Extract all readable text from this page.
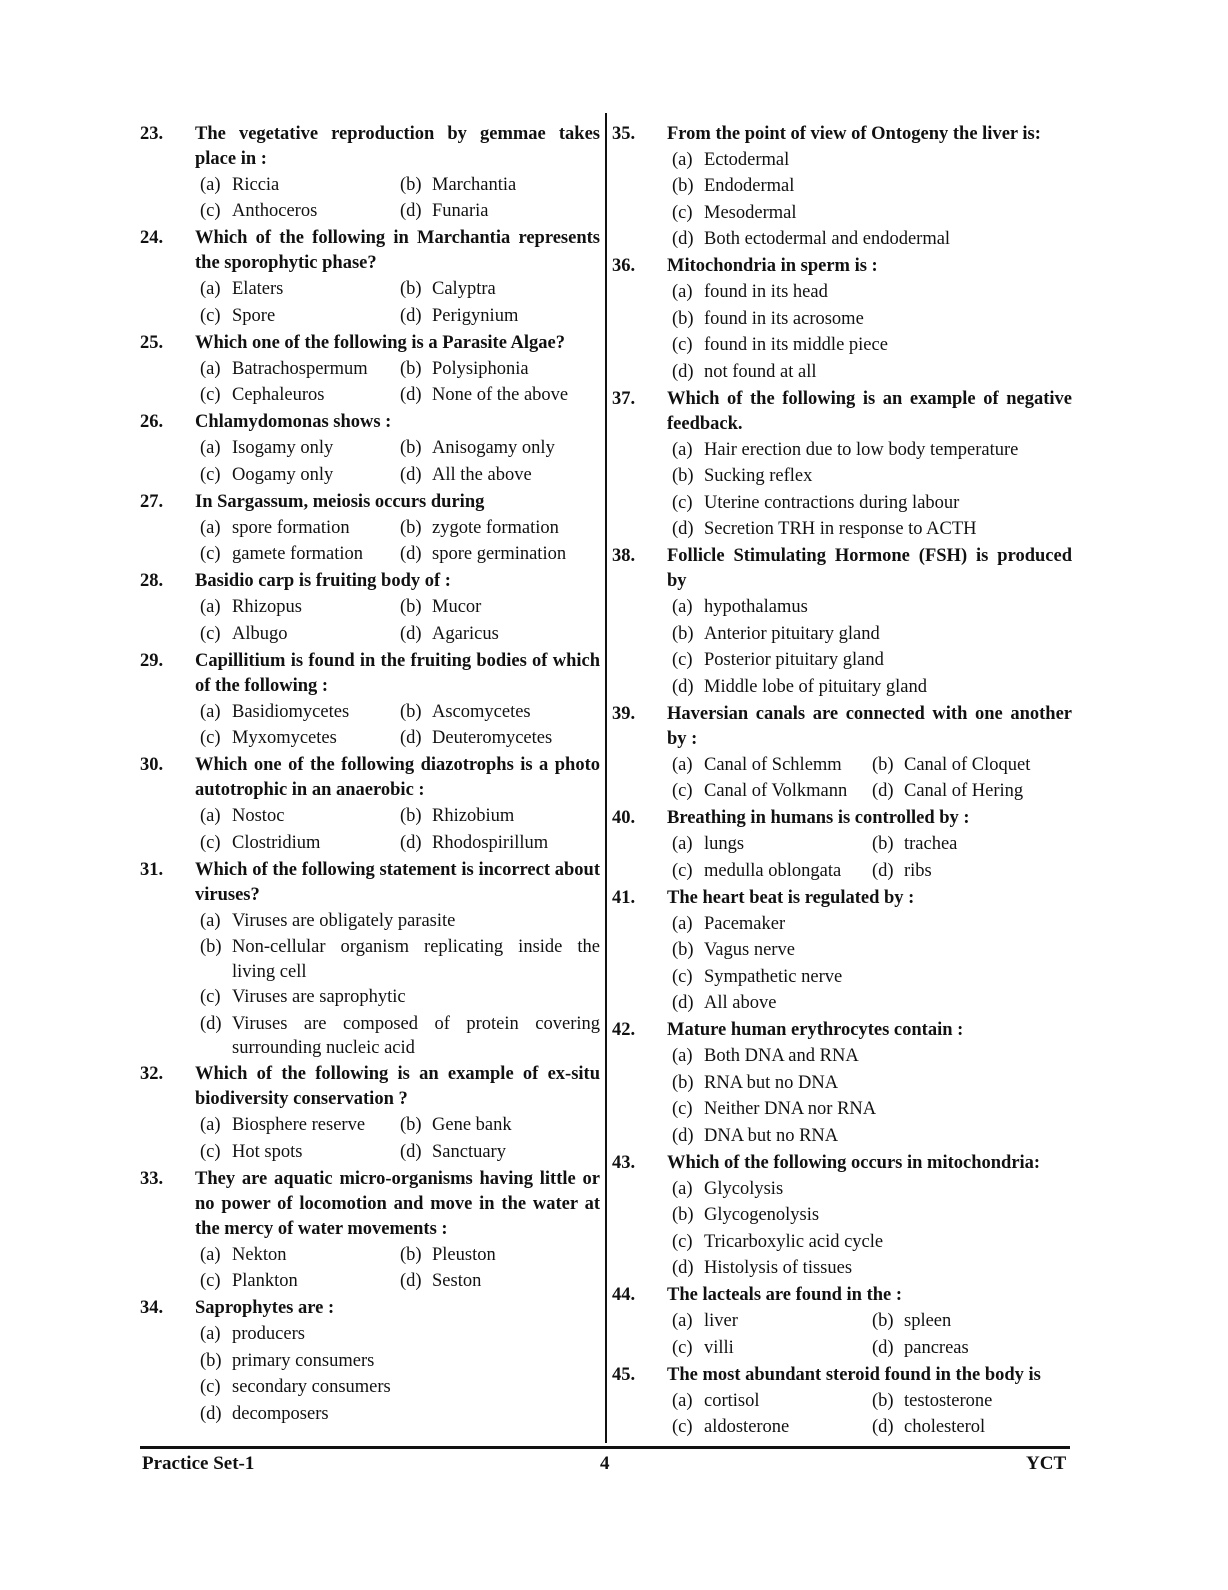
23.	The vegetative reproduction by gemmae takes place in :
(a) Riccia	(b) Marchantia
(c) Anthoceros	(d) Funaria
24.	Which of the following in Marchantia represents the sporophytic phase?
(a) Elaters	(b) Calyptra
(c) Spore	(d) Perigynium
25.	Which one of the following is a Parasite Algae?
(a) Batrachospermum	(b) Polysiphonia
(c) Cephaleuros	(d) None of the above
26.	Chlamydomonas shows :
(a) Isogamy only	(b) Anisogamy only
(c) Oogamy only	(d) All the above
27.	In Sargassum, meiosis occurs during
(a) spore formation	(b) zygote formation
(c) gamete formation	(d) spore germination
28.	Basidio carp is fruiting body of :
(a) Rhizopus	(b) Mucor
(c) Albugo	(d) Agaricus
29.	Capillitium is found in the fruiting bodies of which of the following :
(a) Basidiomycetes	(b) Ascomycetes
(c) Myxomycetes	(d) Deuteromycetes
30.	Which one of the following diazotrophs is a photo autotrophic in an anaerobic :
(a) Nostoc	(b) Rhizobium
(c) Clostridium	(d) Rhodospirillum
31.	Which of the following statement is incorrect about viruses?
(a) Viruses are obligately parasite
(b) Non-cellular organism replicating inside the living cell
(c) Viruses are saprophytic
(d) Viruses are composed of protein covering surrounding nucleic acid
32.	Which of the following is an example of ex-situ biodiversity conservation ?
(a) Biosphere reserve	(b) Gene bank
(c) Hot spots	(d) Sanctuary
33.	They are aquatic micro-organisms having little or no power of locomotion and move in the water at the mercy of water movements :
(a) Nekton	(b) Pleuston
(c) Plankton	(d) Seston
34.	Saprophytes are :
(a) producers
(b) primary consumers
(c) secondary consumers
(d) decomposers
35.	From the point of view of Ontogeny the liver is:
(a) Ectodermal
(b) Endodermal
(c) Mesodermal
(d) Both ectodermal and endodermal
36.	Mitochondria in sperm is :
(a) found in its head
(b) found in its acrosome
(c) found in its middle piece
(d) not found at all
37.	Which of the following is an example of negative feedback.
(a) Hair erection due to low body temperature
(b) Sucking reflex
(c) Uterine contractions during labour
(d) Secretion TRH in response to ACTH
38.	Follicle Stimulating Hormone (FSH) is produced by
(a) hypothalamus
(b) Anterior pituitary gland
(c) Posterior pituitary gland
(d) Middle lobe of pituitary gland
39.	Haversian canals are connected with one another by :
(a) Canal of Schlemm	(b) Canal of Cloquet
(c) Canal of Volkmann	(d) Canal of Hering
40.	Breathing in humans is controlled by :
(a) lungs	(b) trachea
(c) medulla oblongata	(d) ribs
41.	The heart beat is regulated by :
(a) Pacemaker
(b) Vagus nerve
(c) Sympathetic nerve
(d) All above
42.	Mature human erythrocytes contain :
(a) Both DNA and RNA
(b) RNA but no DNA
(c) Neither DNA nor RNA
(d) DNA but no RNA
43.	Which of the following occurs in mitochondria:
(a) Glycolysis
(b) Glycogenolysis
(c) Tricarboxylic acid cycle
(d) Histolysis of tissues
44.	The lacteals are found in the :
(a) liver	(b) spleen
(c) villi	(d) pancreas
45.	The most abundant steroid found in the body is
(a) cortisol	(b) testosterone
(c) aldosterone	(d) cholesterol
Practice Set-1	4	YCT
